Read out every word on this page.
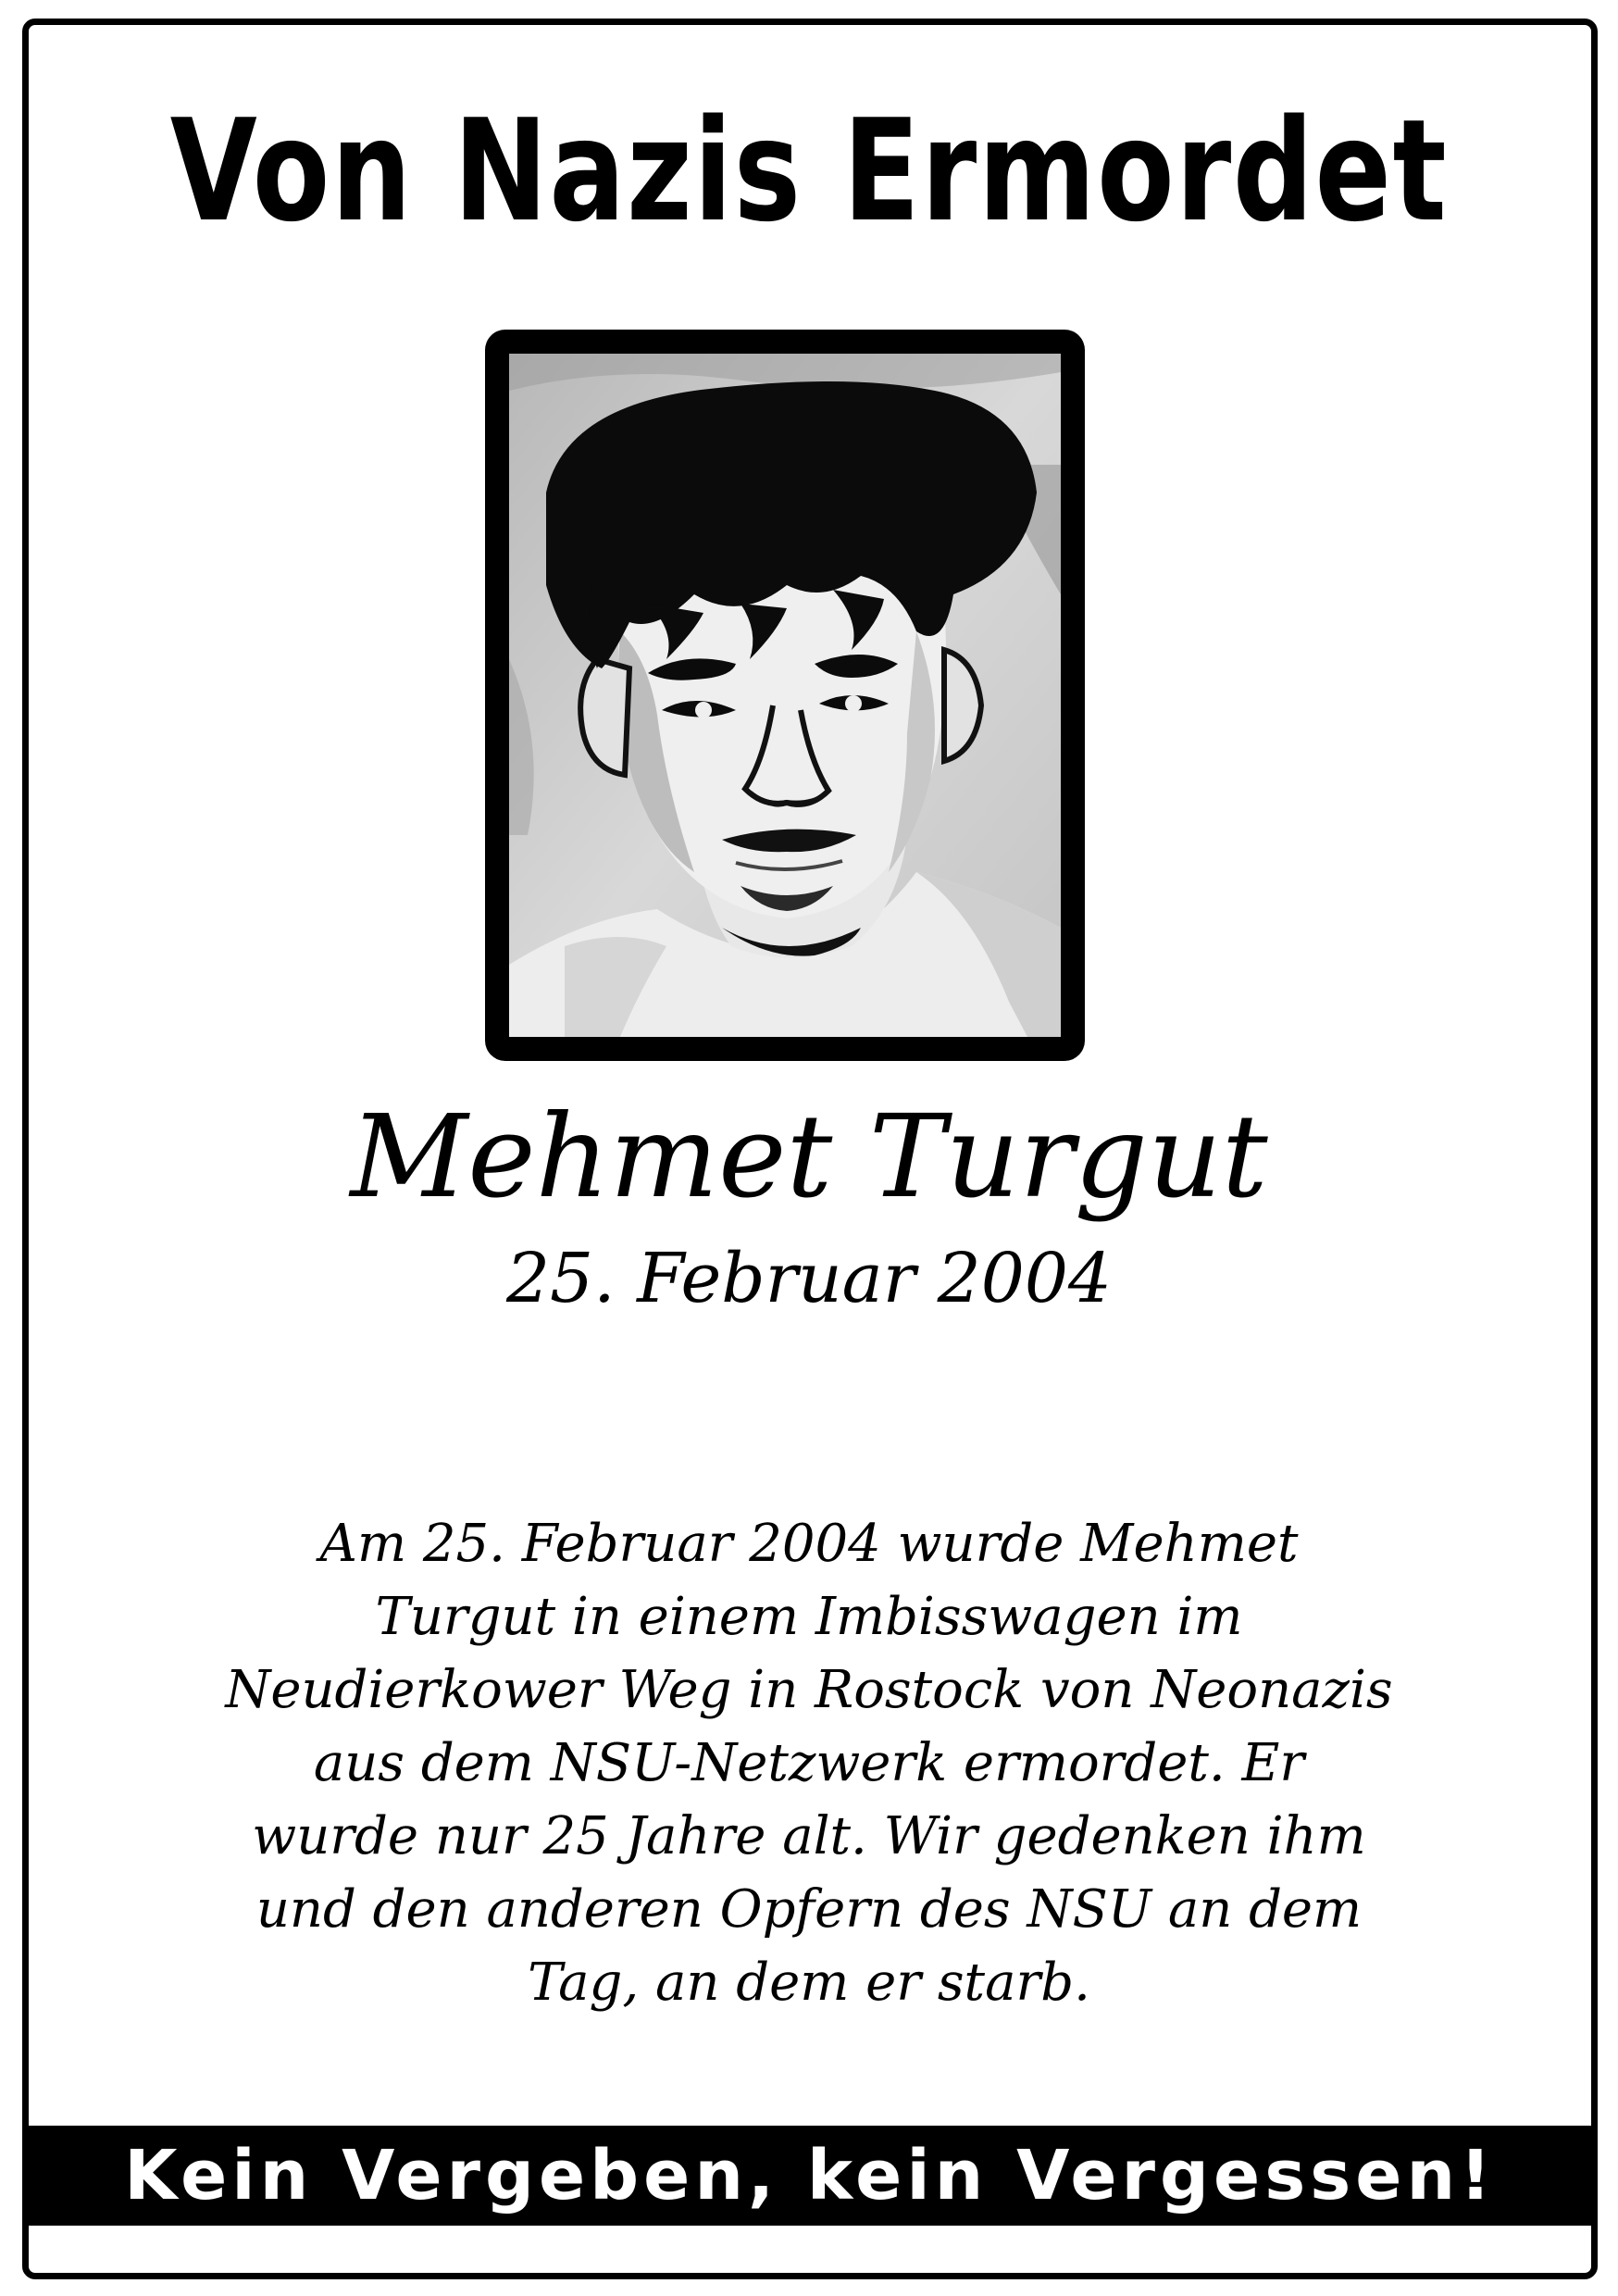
Von Nazis Ermordet
Mehmet Turgut
25. Februar 2004
Am 25. Februar 2004 wurde Mehmet
Turgut in einem Imbisswagen im
Neudierkower Weg in Rostock von Neonazis
aus dem NSU-Netzwerk ermordet. Er
wurde nur 25 Jahre alt. Wir gedenken ihm
und den anderen Opfern des NSU an dem
Tag, an dem er starb.
Kein Vergeben, kein Vergessen!
